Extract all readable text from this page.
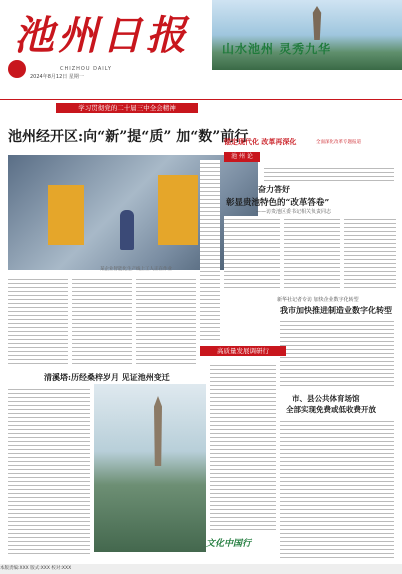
池州日报
CHIZHOU DAILY
2024年8月12日 星期一
山水池州 灵秀九华
学习贯彻党的二十届三中全会精神
池州经开区:向“新”提“质” 加“数”前行
某企业智能化生产线上工人正在作业
锚定现代化 改革再深化	全面深化改革专题报道
池 州 论
奋力答好
彰显贵池特色的“改革答卷”
——访贵池区委书记相关负责同志
新华社记者专访 加快企业数字化转型
我市加快推进制造业数字化转型
高质量发展调研行
市、县公共体育场馆
全部实现免费或低收费开放
清溪塔:历经桑梓岁月 见证池州变迁
文化中国行
本版责编:XXX 版式:XXX 校对:XXX
